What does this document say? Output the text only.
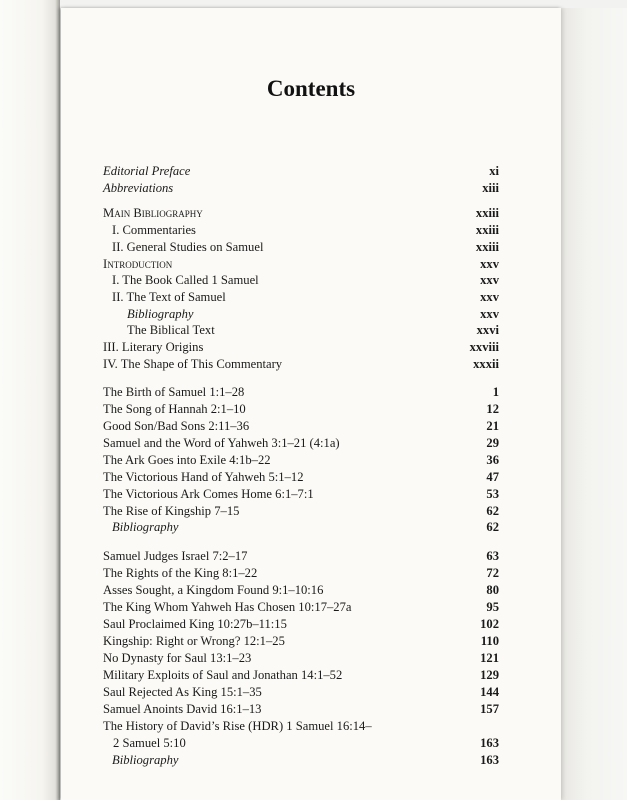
Contents
Editorial Preface	xi
Abbreviations	xiii
Main Bibliography	xxiii
I. Commentaries	xxiii
II. General Studies on Samuel	xxiii
Introduction	xxv
I. The Book Called 1 Samuel	xxv
II. The Text of Samuel	xxv
Bibliography	xxv
The Biblical Text	xxvi
III. Literary Origins	xxviii
IV. The Shape of This Commentary	xxxii
The Birth of Samuel 1:1–28	1
The Song of Hannah 2:1–10	12
Good Son/Bad Sons 2:11–36	21
Samuel and the Word of Yahweh 3:1–21 (4:1a)	29
The Ark Goes into Exile 4:1b–22	36
The Victorious Hand of Yahweh 5:1–12	47
The Victorious Ark Comes Home 6:1–7:1	53
The Rise of Kingship 7–15	62
Bibliography	62
Samuel Judges Israel 7:2–17	63
The Rights of the King 8:1–22	72
Asses Sought, a Kingdom Found 9:1–10:16	80
The King Whom Yahweh Has Chosen 10:17–27a	95
Saul Proclaimed King 10:27b–11:15	102
Kingship: Right or Wrong? 12:1–25	110
No Dynasty for Saul 13:1–23	121
Military Exploits of Saul and Jonathan 14:1–52	129
Saul Rejected As King 15:1–35	144
Samuel Anoints David 16:1–13	157
The History of David’s Rise (HDR) 1 Samuel 16:14–
2 Samuel 5:10	163
Bibliography	163
